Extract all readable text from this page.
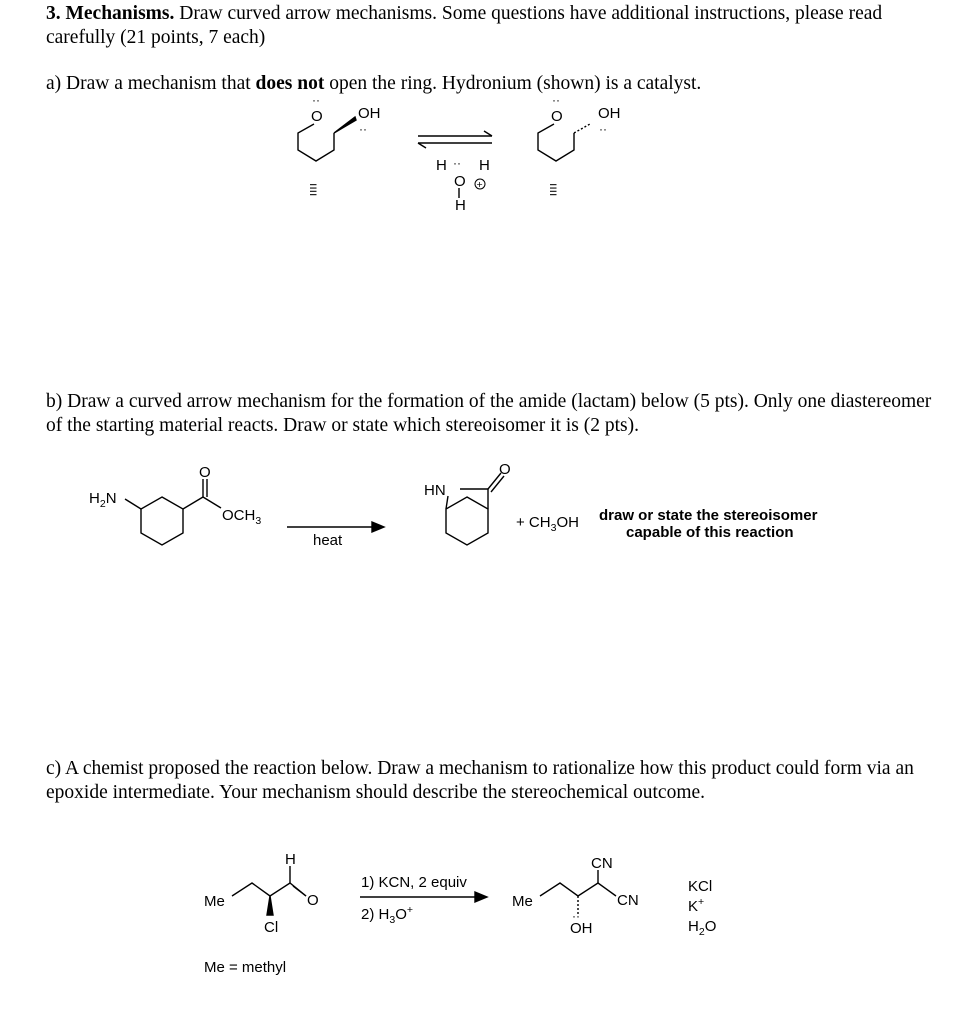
3. Mechanisms. Draw curved arrow mechanisms. Some questions have additional instructions, please read carefully (21 points, 7 each)

a) Draw a mechanism that does not open the ring. Hydronium (shown) is a catalyst.

··
O OH
··
ıııı
··
O OH
··
ıııı
H ·· H
O +
H
$H_2N$
O
$OCH_3$
heat
HN
O
+ $CH_3OH$ draw or state the stereoisomer
capable of this reaction
Me
H
O
Cl
1) KCN, 2 equiv
2) $H_3O^+$	Me
CN
CN
··
OH
KCl
K+
$H_2O$
Me = methyl

b) Draw a curved arrow mechanism for the formation of the amide (lactam) below (5 pts). Only one diastereomer of the starting material reacts. Draw or state which stereoisomer it is (2 pts).

c) A chemist proposed the reaction below. Draw a mechanism to rationalize how this product could form via an epoxide intermediate. Your mechanism should describe the stereochemical outcome.
